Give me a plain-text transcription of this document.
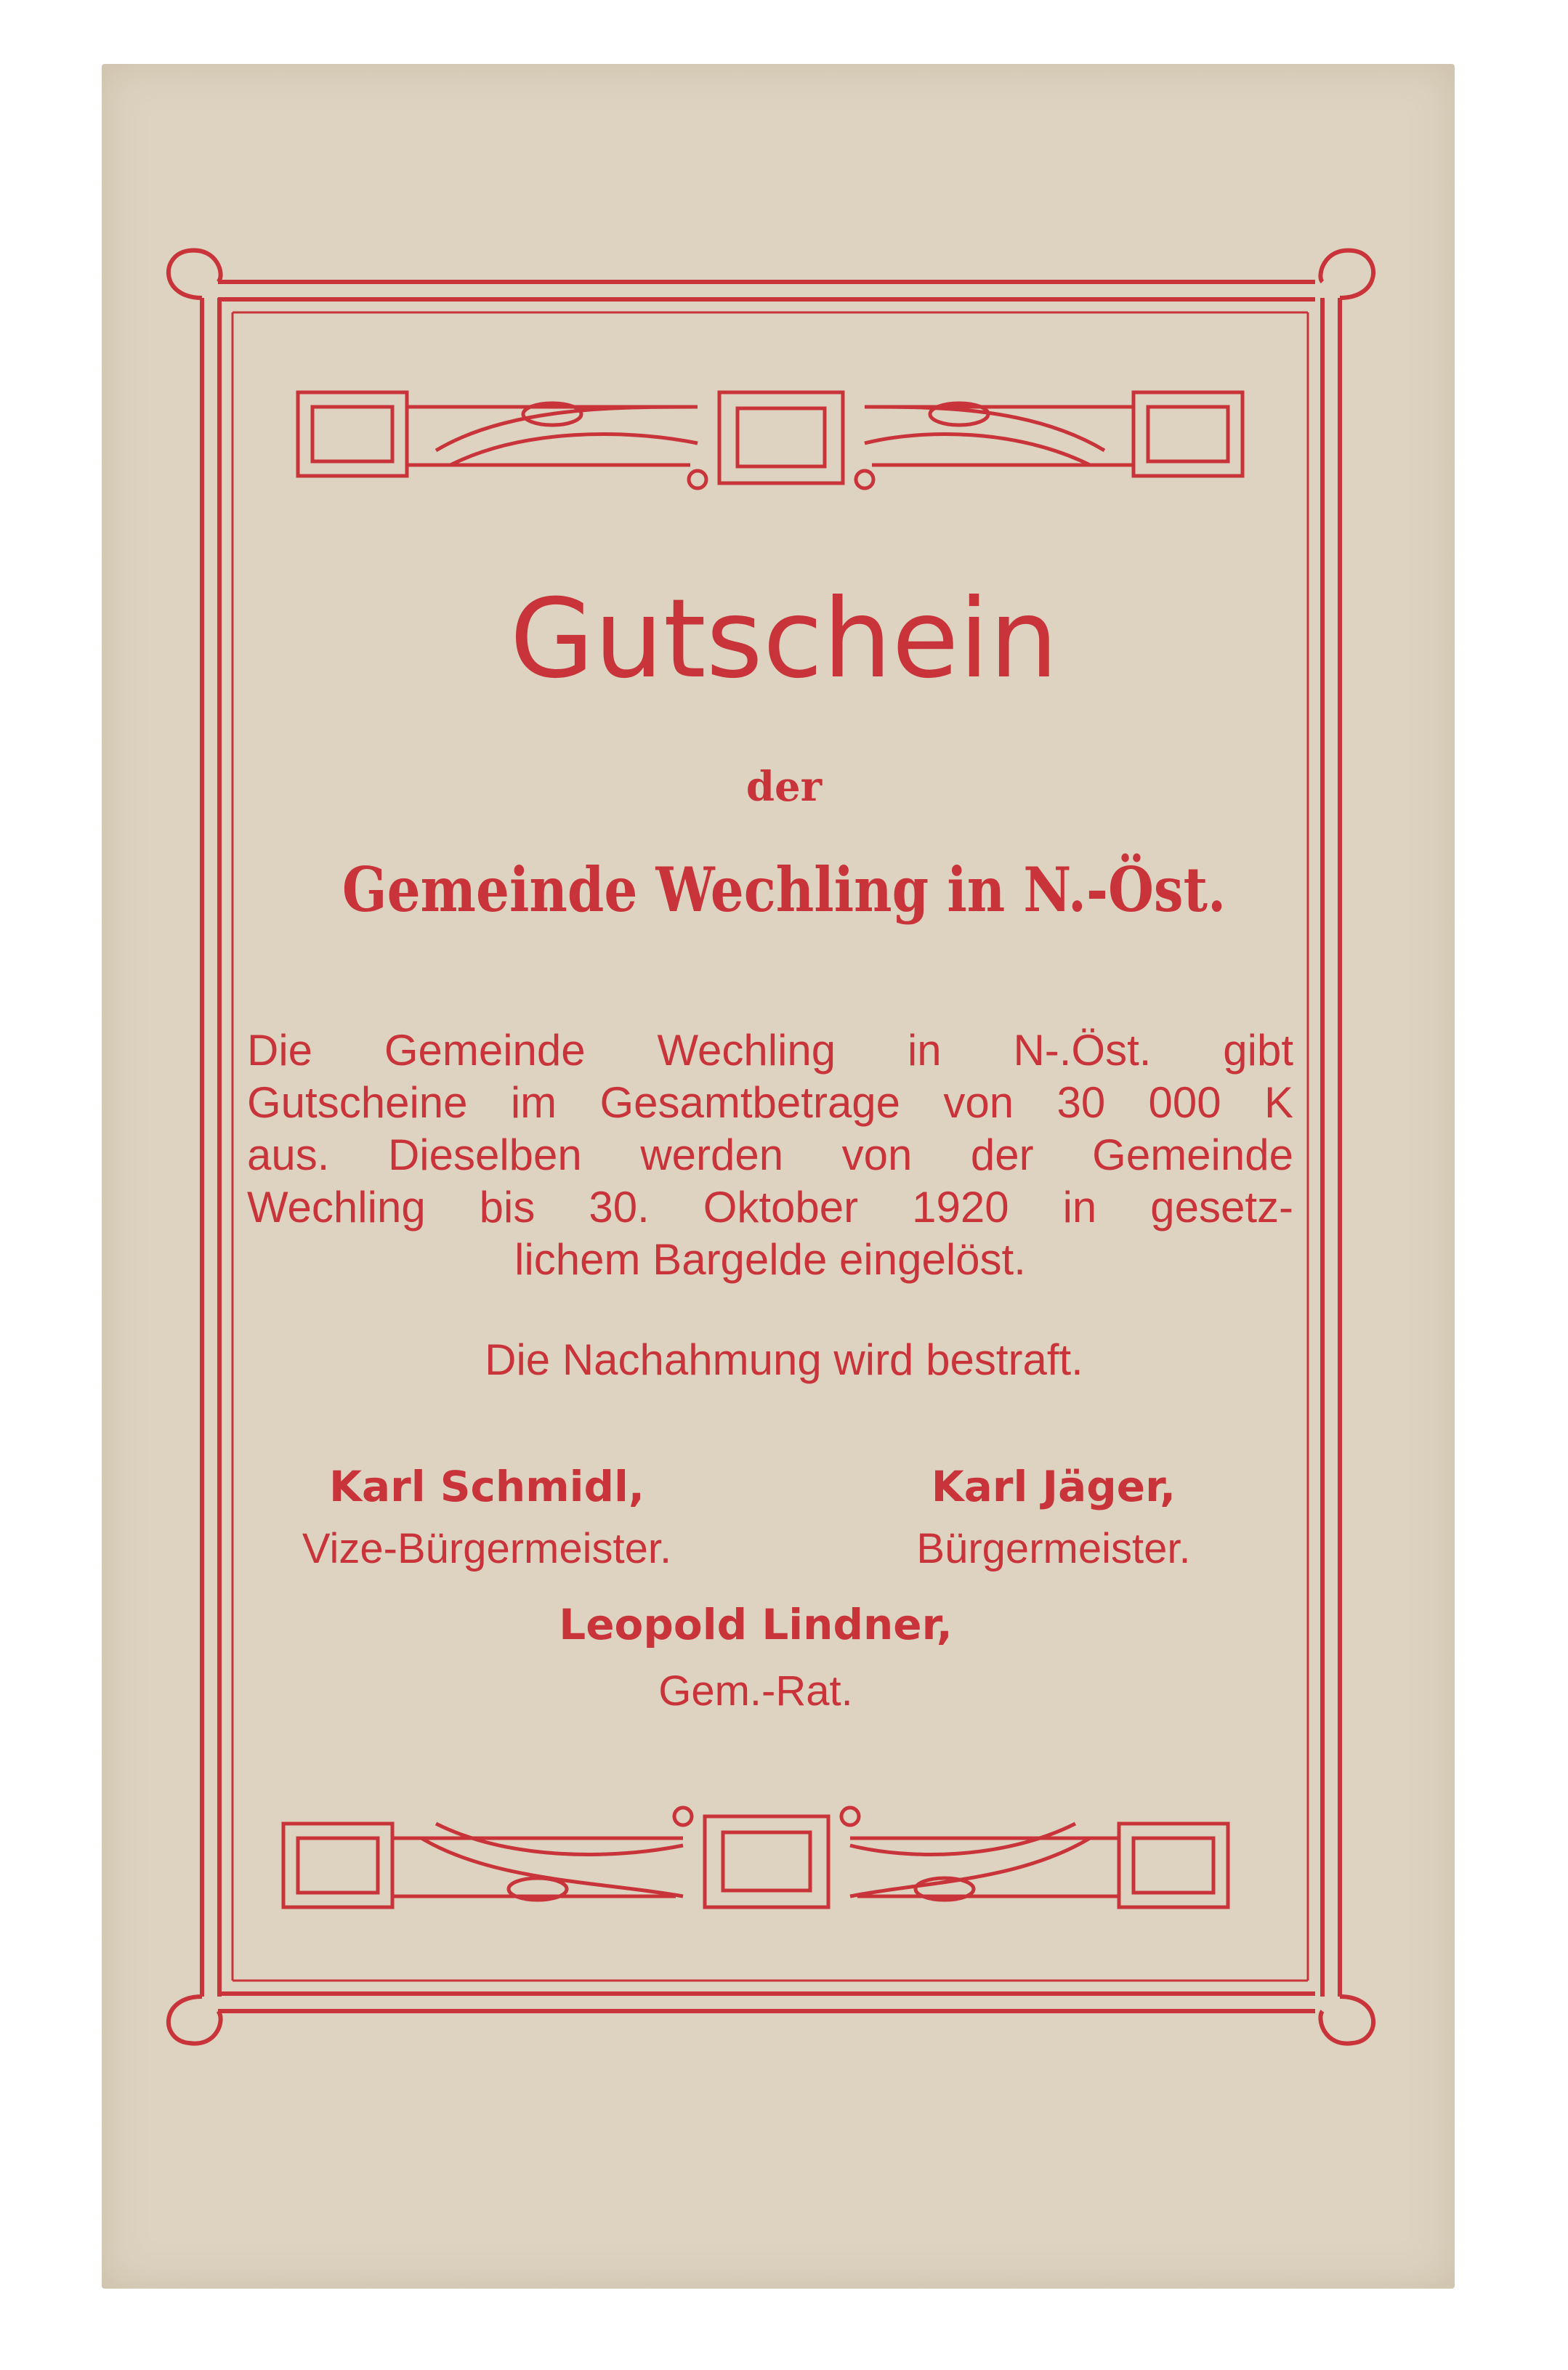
Gutschein
der
Gemeinde Wechling in N.-Öst.
Die Gemeinde Wechling in N-.Öst. gibt
Gutscheine im Gesamtbetrage von 30 000 K
aus. Dieselben werden von der Gemeinde
Wechling bis 30. Oktober 1920 in gesetz-
lichem Bargelde eingelöst.
Die Nachahmung wird bestraft.
Karl Schmidl,
Vize-Bürgermeister.
Karl Jäger,
Bürgermeister.
Leopold Lindner,
Gem.-Rat.
